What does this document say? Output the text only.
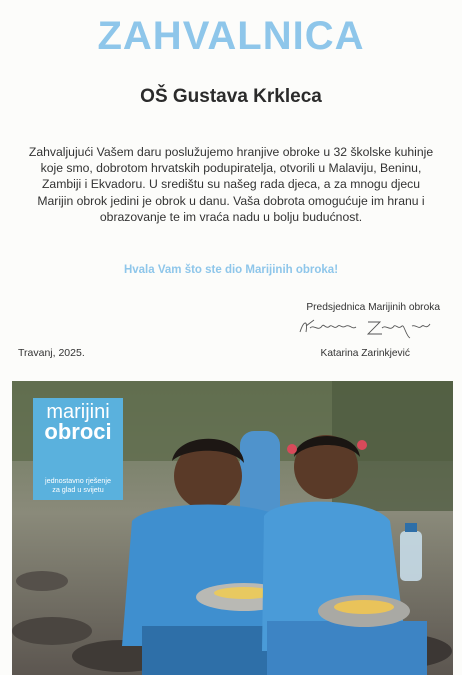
ZAHVALNICA
OŠ Gustava Krkleca
Zahvaljujući Vašem daru poslužujemo hranjive obroke u 32 školske kuhinje koje smo, dobrotom hrvatskih podupiratelja, otvorili u Malaviju, Beninu, Zambiji i Ekvadoru. U središtu su našeg rada djeca, a za mnogu djecu Marijin obrok jedini je obrok u danu. Vaša dobrota omogućuje im hranu i obrazovanje te im vraća nadu u bolju budućnost.
Hvala Vam što ste dio Marijinih obroka!
Predsjednica Marijinih obroka
Katarina Zarinkjević
Travanj, 2025.
marijini
obroci
jednostavno rješenje
za glad u svijetu
